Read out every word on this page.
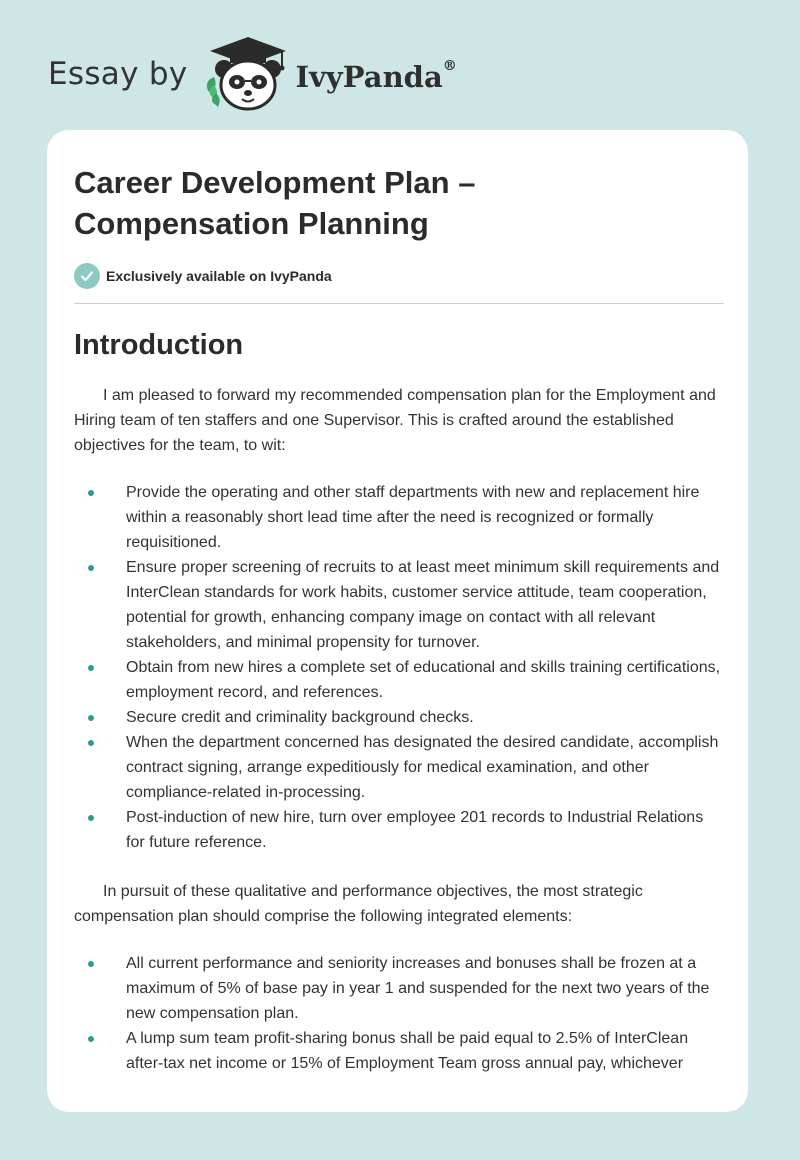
Essay by	IvyPanda®
Career Development Plan –
Compensation Planning
Exclusively available on IvyPanda
Introduction

I am pleased to forward my recommended compensation plan for the Employment and Hiring team of ten staffers and one Supervisor. This is crafted around the established objectives for the team, to wit:

Provide the operating and other staff departments with new and replacement hire within a reasonably short lead time after the need is recognized or formally requisitioned.
Ensure proper screening of recruits to at least meet minimum skill requirements and InterClean standards for work habits, customer service attitude, team cooperation, potential for growth, enhancing company image on contact with all relevant stakeholders, and minimal propensity for turnover.
Obtain from new hires a complete set of educational and skills training certifications, employment record, and references.
Secure credit and criminality background checks.
When the department concerned has designated the desired candidate, accomplish contract signing, arrange expeditiously for medical examination, and other compliance-related in-processing.
Post-induction of new hire, turn over employee 201 records to Industrial Relations for future reference.

In pursuit of these qualitative and performance objectives, the most strategic compensation plan should comprise the following integrated elements:

All current performance and seniority increases and bonuses shall be frozen at a maximum of 5% of base pay in year 1 and suspended for the next two years of the new compensation plan.
A lump sum team profit-sharing bonus shall be paid equal to 2.5% of InterClean after-tax net income or 15% of Employment Team gross annual pay, whichever
